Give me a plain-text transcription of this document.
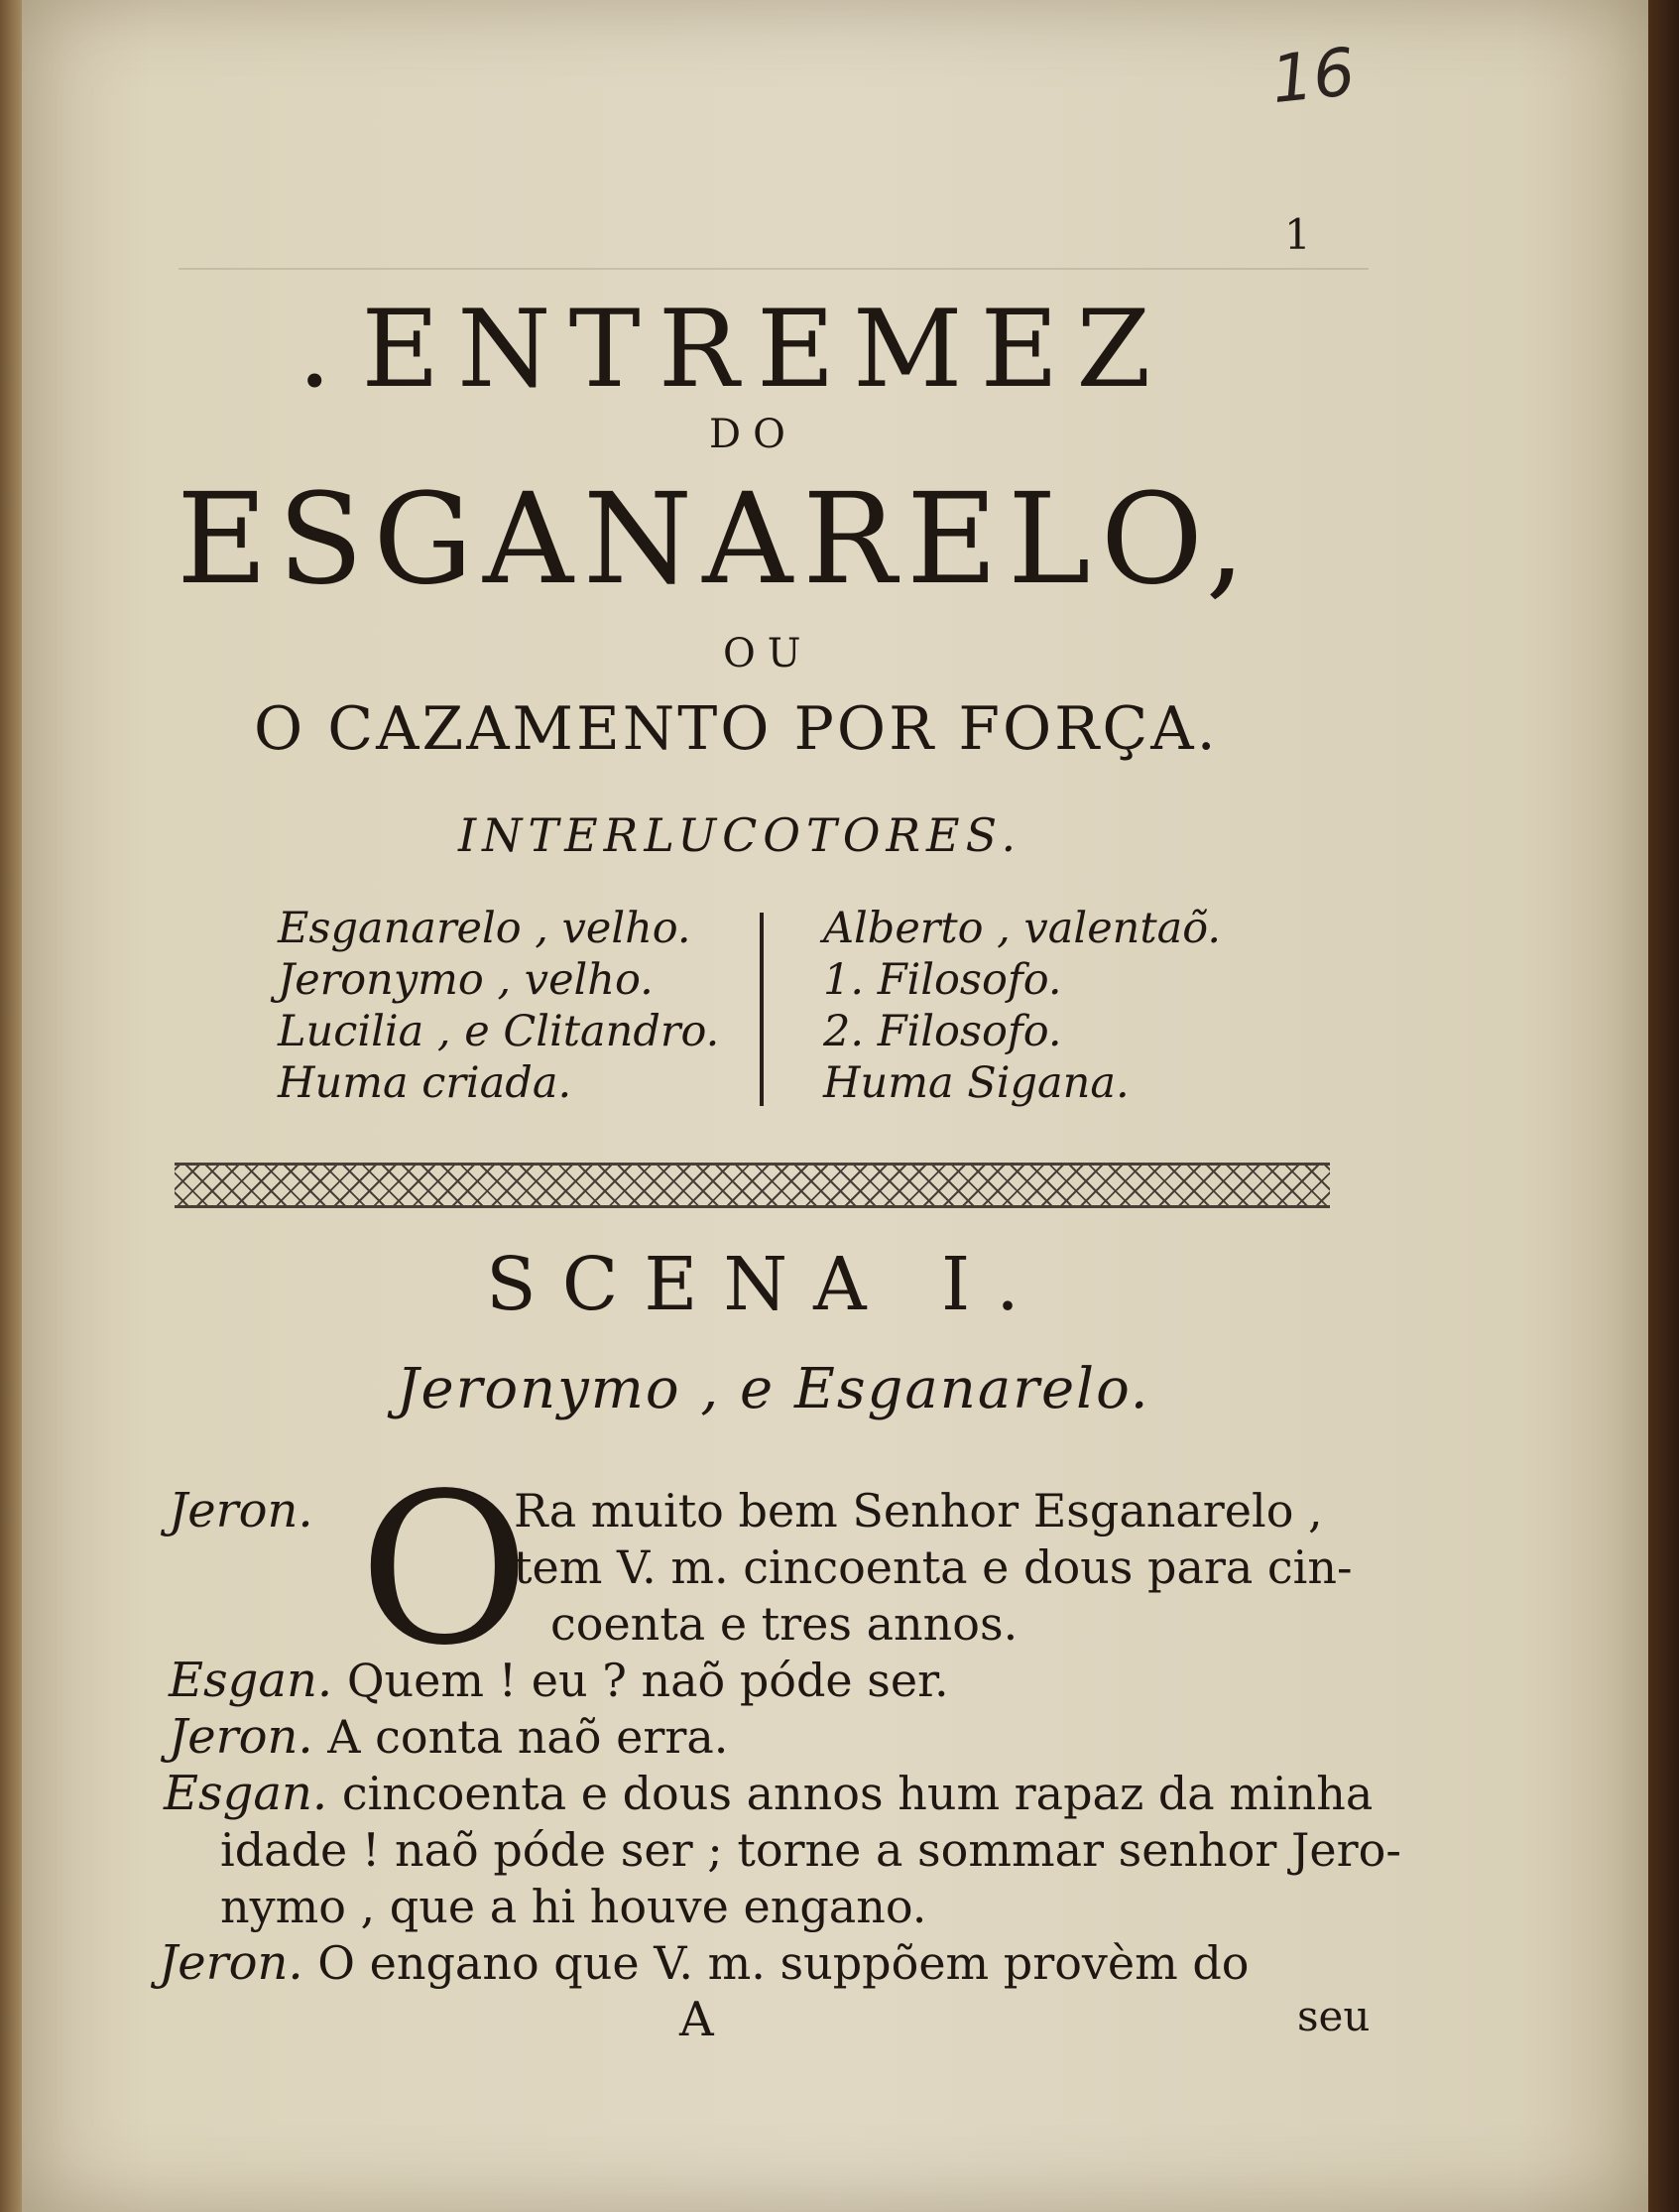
16
1
. ENTREMEZ
DO
ESGANARELO,
OU
O CAZAMENTO POR FORÇA.
INTERLUCOTORES.
Esganarelo , velho.
Jeronymo , velho.
Lucilia , e Clitandro.
Huma criada.
Alberto , valentaõ.
1. Filosofo.
2. Filosofo.
Huma Sigana.
SCENA I.
Jeronymo , e Esganarelo.
Jeron. O
Ra muito bem Senhor Esganarelo ,
tem V. m. cincoenta e dous para cin-
coenta e tres annos.
Esgan. Quem ! eu ? naõ póde ser.
Jeron. A conta naõ erra.
Esgan. cincoenta e dous annos hum rapaz da minha
idade ! naõ póde ser ; torne a sommar senhor Jero-
nymo , que a hi houve engano.
Jeron. O engano que V. m. suppõem provèm do
A	seu
